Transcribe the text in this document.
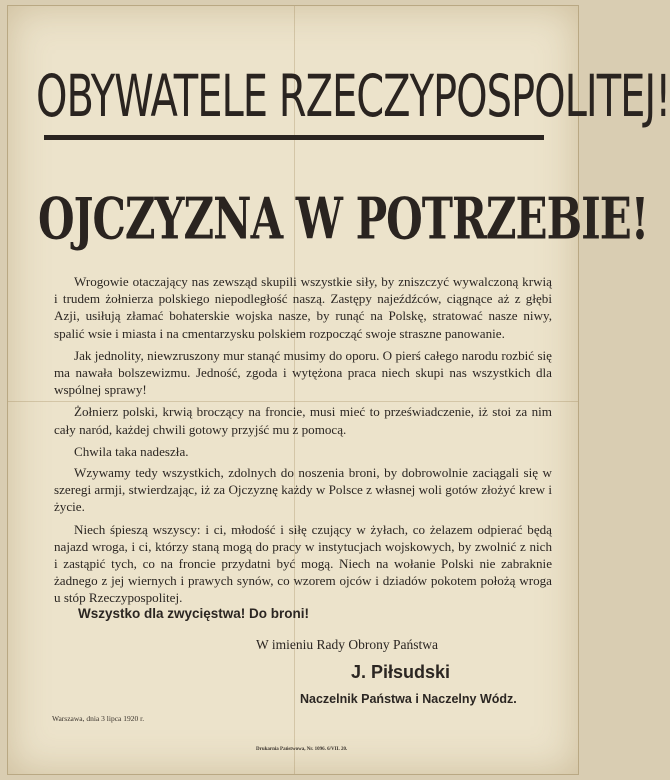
OBYWATELE RZECZYPOSPOLITEJ!
OJCZYZNA W POTRZEBIE!

Wrogowie otaczający nas zewsząd skupili wszystkie siły, by zniszczyć wywalczoną krwią i trudem żołnierza polskiego niepodległość naszą. Zastępy najeźdźców, ciągnące aż z głębi Azji, usiłują złamać bohaterskie wojska nasze, by runąć na Polskę, stratować nasze niwy, spalić wsie i miasta i na cmentarzysku polskiem rozpocząć swoje straszne panowanie.

Jak jednolity, niewzruszony mur stanąć musimy do oporu. O pierś całego narodu rozbić się ma nawała bolszewizmu. Jedność, zgoda i wytężona praca niech skupi nas wszystkich dla wspólnej sprawy!

Żołnierz polski, krwią broczący na froncie, musi mieć to przeświadczenie, iż stoi za nim cały naród, każdej chwili gotowy przyjść mu z pomocą.

Chwila taka nadeszła.

Wzywamy tedy wszystkich, zdolnych do noszenia broni, by dobrowolnie zaciągali się w szeregi armji, stwierdzając, iż za Ojczyznę każdy w Polsce z własnej woli gotów złożyć krew i życie.

Niech śpieszą wszyscy: i ci, młodość i siłę czujący w żyłach, co żelazem odpierać będą najazd wroga, i ci, którzy staną mogą do pracy w instytucjach wojskowych, by zwolnić z nich i zastąpić tych, co na froncie przydatni być mogą. Niech na wołanie Polski nie zabraknie żadnego z jej wiernych i prawych synów, co wzorem ojców i dziadów pokotem położą wroga u stóp Rzeczypospolitej.

Wszystko dla zwycięstwa! Do broni!
W imieniu Rady Obrony Państwa
J. Piłsudski
Naczelnik Państwa i Naczelny Wódz.
Warszawa, dnia 3 lipca 1920 r.
Drukarnia Państwowa, Nr. 1096. 6/VII. 20.
